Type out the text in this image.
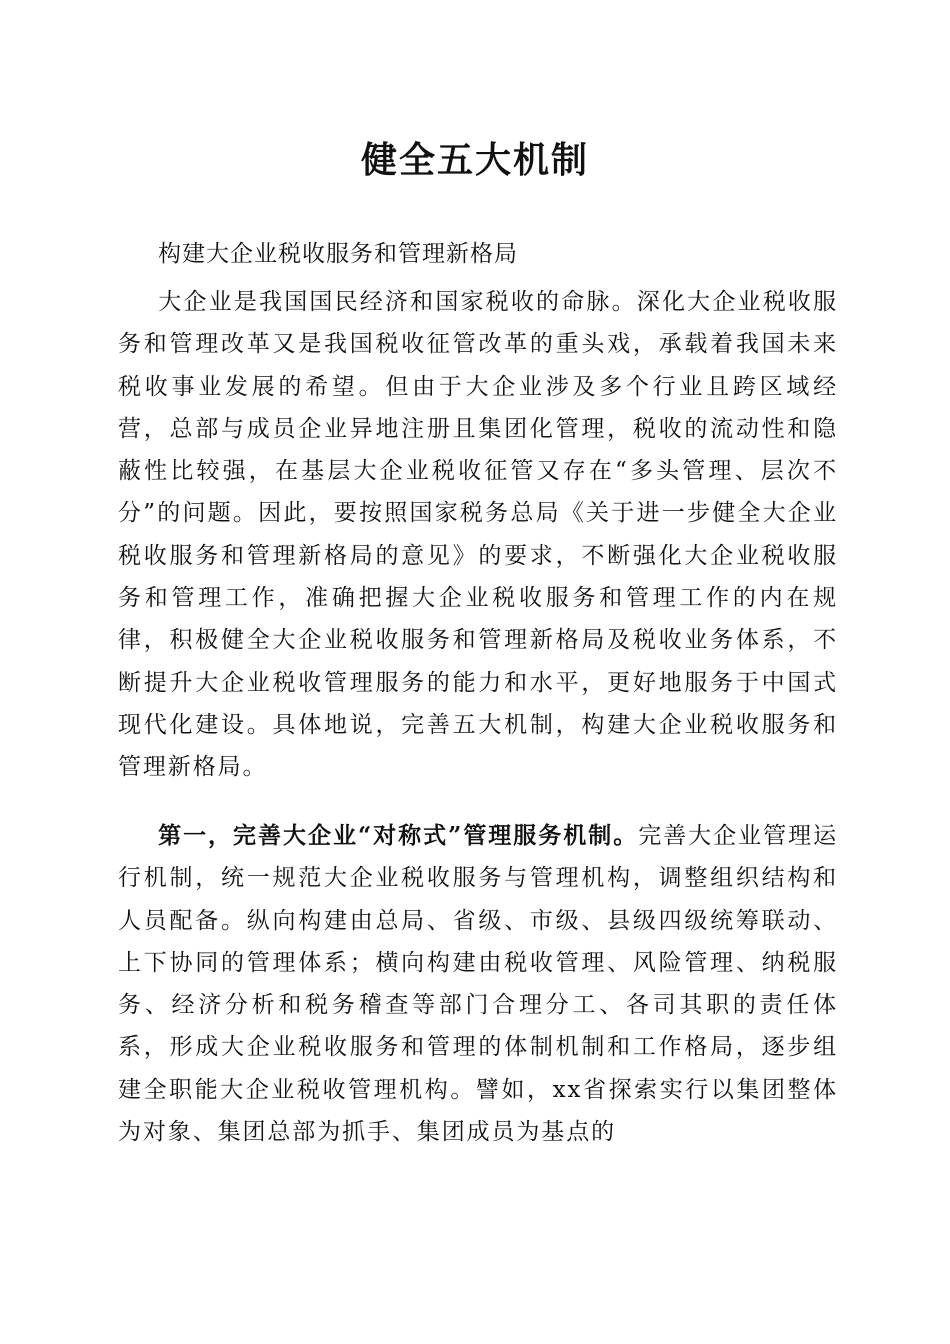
健全五大机制
构建大企业税收服务和管理新格局
大企业是我国国民经济和国家税收的命脉。深化大企业税收服务和管理改革又是我国税收征管改革的重头戏，承载着我国未来税收事业发展的希望。但由于大企业涉及多个行业且跨区域经营，总部与成员企业异地注册且集团化管理，税收的流动性和隐蔽性比较强，在基层大企业税收征管又存在“多头管理、层次不分”的问题。因此，要按照国家税务总局《关于进一步健全大企业税收服务和管理新格局的意见》的要求，不断强化大企业税收服务和管理工作，准确把握大企业税收服务和管理工作的内在规律，积极健全大企业税收服务和管理新格局及税收业务体系，不断提升大企业税收管理服务的能力和水平，更好地服务于中国式现代化建设。具体地说，完善五大机制，构建大企业税收服务和管理新格局。
第一，完善大企业“对称式”管理服务机制。完善大企业管理运行机制，统一规范大企业税收服务与管理机构，调整组织结构和人员配备。纵向构建由总局、省级、市级、县级四级统筹联动、上下协同的管理体系；横向构建由税收管理、风险管理、纳税服务、经济分析和税务稽查等部门合理分工、各司其职的责任体系，形成大企业税收服务和管理的体制机制和工作格局，逐步组建全职能大企业税收管理机构。譬如，xx省探索实行以集团整体为对象、集团总部为抓手、集团成员为基点的
